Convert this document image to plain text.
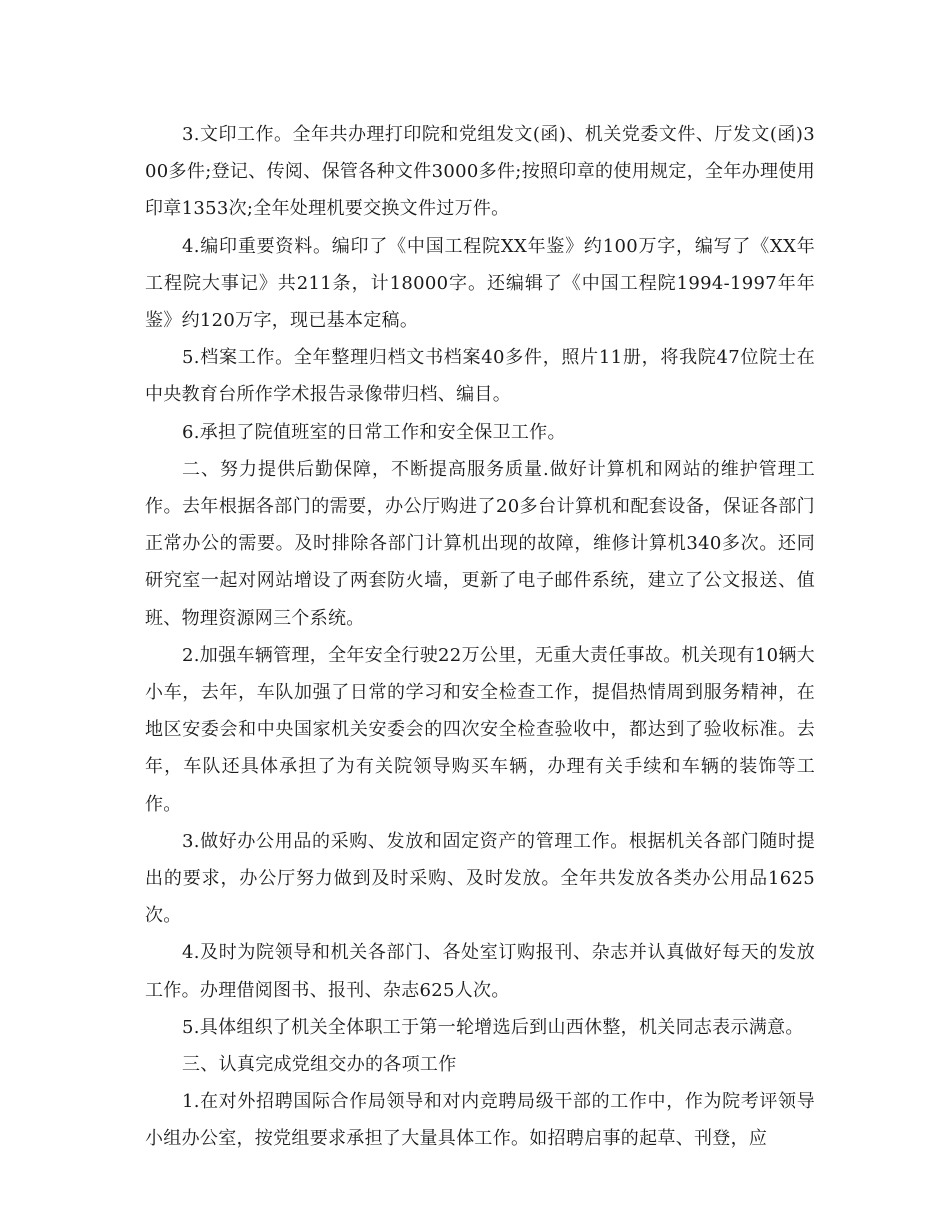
3.文印工作。全年共办理打印院和党组发文(函)、机关党委文件、厅发文(函)300多件;登记、传阅、保管各种文件3000多件;按照印章的使用规定，全年办理使用印章1353次;全年处理机要交换文件过万件。

4.编印重要资料。编印了《中国工程院XX年鉴》约100万字，编写了《XX年工程院大事记》共211条，计18000字。还编辑了《中国工程院1994-1997年年鉴》约120万字，现已基本定稿。

5.档案工作。全年整理归档文书档案40多件，照片11册，将我院47位院士在中央教育台所作学术报告录像带归档、编目。

6.承担了院值班室的日常工作和安全保卫工作。

二、努力提供后勤保障，不断提高服务质量.做好计算机和网站的维护管理工作。去年根据各部门的需要，办公厅购进了20多台计算机和配套设备，保证各部门正常办公的需要。及时排除各部门计算机出现的故障，维修计算机340多次。还同研究室一起对网站增设了两套防火墙，更新了电子邮件系统，建立了公文报送、值班、物理资源网三个系统。

2.加强车辆管理，全年安全行驶22万公里，无重大责任事故。机关现有10辆大小车，去年，车队加强了日常的学习和安全检查工作，提倡热情周到服务精神，在地区安委会和中央国家机关安委会的四次安全检查验收中，都达到了验收标准。去年，车队还具体承担了为有关院领导购买车辆，办理有关手续和车辆的装饰等工作。

3.做好办公用品的采购、发放和固定资产的管理工作。根据机关各部门随时提出的要求，办公厅努力做到及时采购、及时发放。全年共发放各类办公用品1625次。

4.及时为院领导和机关各部门、各处室订购报刊、杂志并认真做好每天的发放工作。办理借阅图书、报刊、杂志625人次。

5.具体组织了机关全体职工于第一轮增选后到山西休整，机关同志表示满意。

三、认真完成党组交办的各项工作

1.在对外招聘国际合作局领导和对内竞聘局级干部的工作中，作为院考评领导小组办公室，按党组要求承担了大量具体工作。如招聘启事的起草、刊登，应
